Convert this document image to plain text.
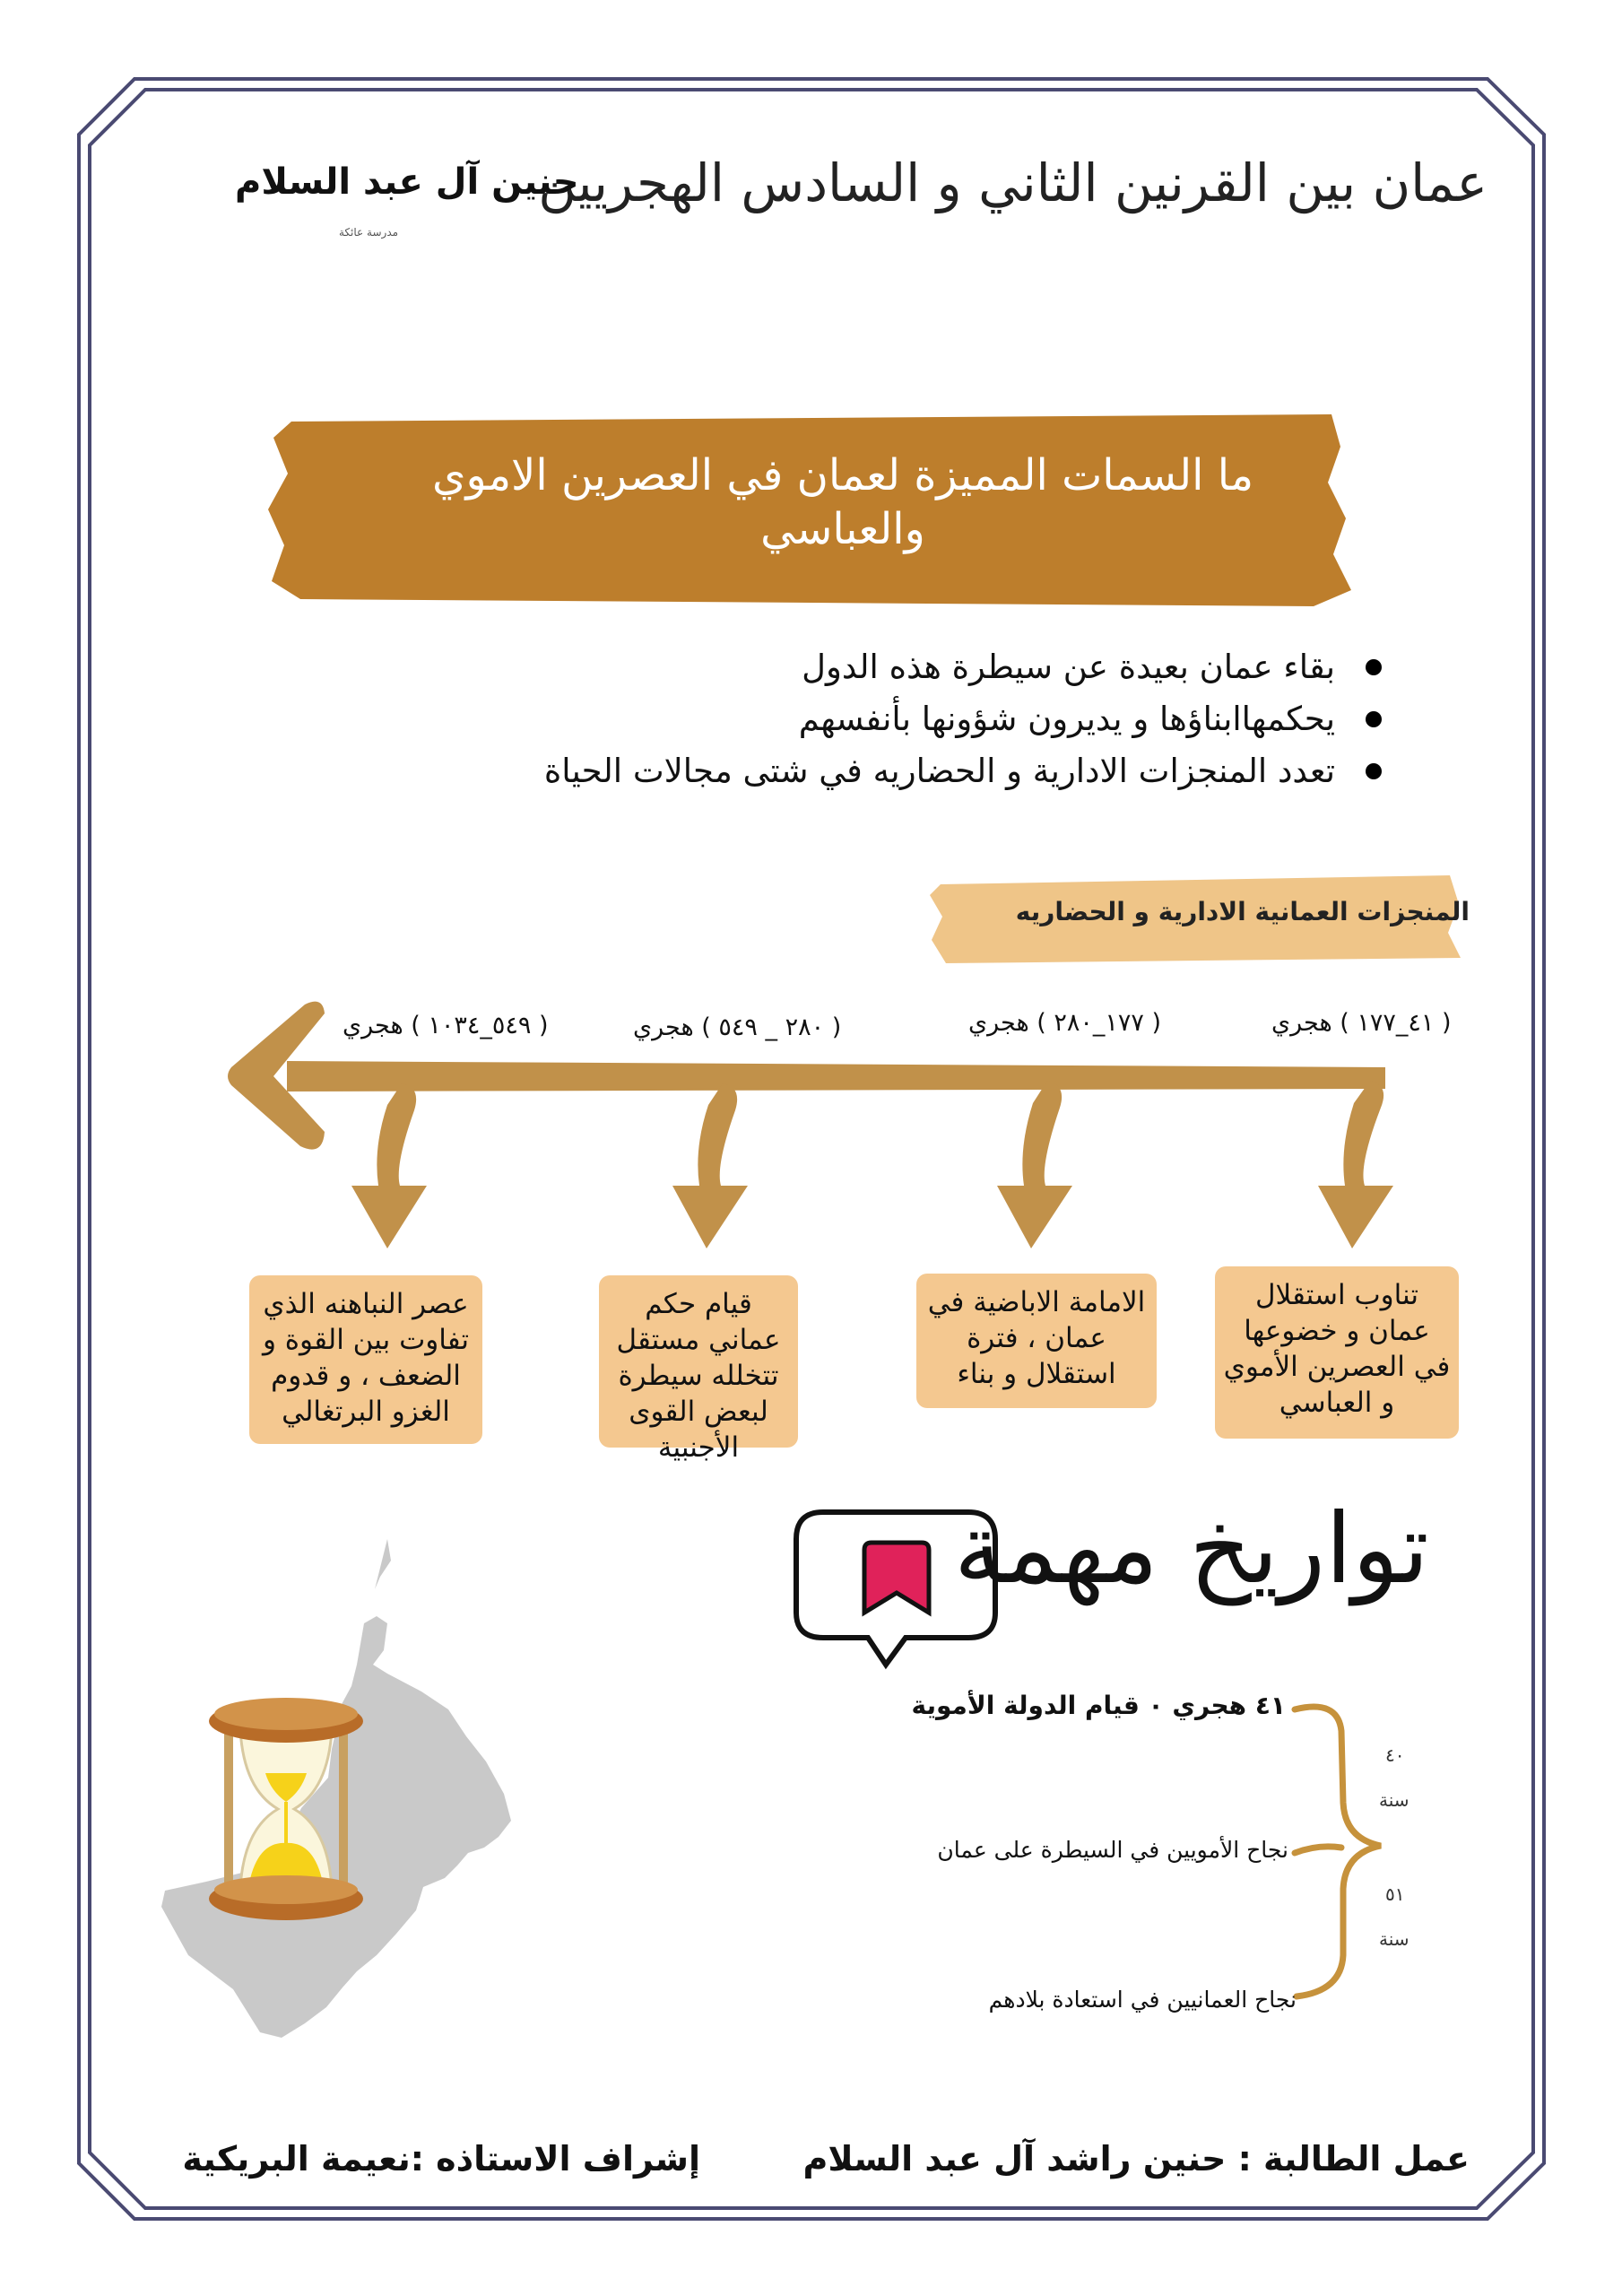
عمان بين القرنين الثاني و السادس الهجريين
حنين آل عبد السلام
مدرسة عائكة
ما السمات المميزة لعمان في العصرين الاموي والعباسي
بقاء عمان بعيدة عن سيطرة هذه الدول
يحكمهاابناؤها و يديرون شؤونها بأنفسهم
تعدد المنجزات الادارية و الحضاريه في شتى مجالات الحياة
المنجزات العمانية الادارية و الحضاريه
( ٤١_١٧٧ ) هجري
( ١٧٧_٢٨٠ ) هجري
( ٢٨٠ _ ٥٤٩ ) هجري
( ٥٤٩_١٠٣٤ ) هجري
تناوب استقلال عمان و خضوعها في العصرين الأموي و العباسي
الامامة الاباضية في عمان ، فترة استقلال و بناء
قيام حكم عماني مستقل تتخلله سيطرة لبعض القوى الأجنبية
عصر النباهنه الذي تفاوت بين القوة و الضعف ، و قدوم الغزو البرتغالي
تواريخ مهمة
٤١ هجري ٠ قيام الدولة الأموية
نجاح الأمويين في السيطرة على عمان
نجاح العمانيين في استعادة بلادهم
٤٠
سنة
٥١
سنة
عمل الطالبة : حنين راشد آل عبد السلام
إشراف الاستاذه :نعيمة البريكية
